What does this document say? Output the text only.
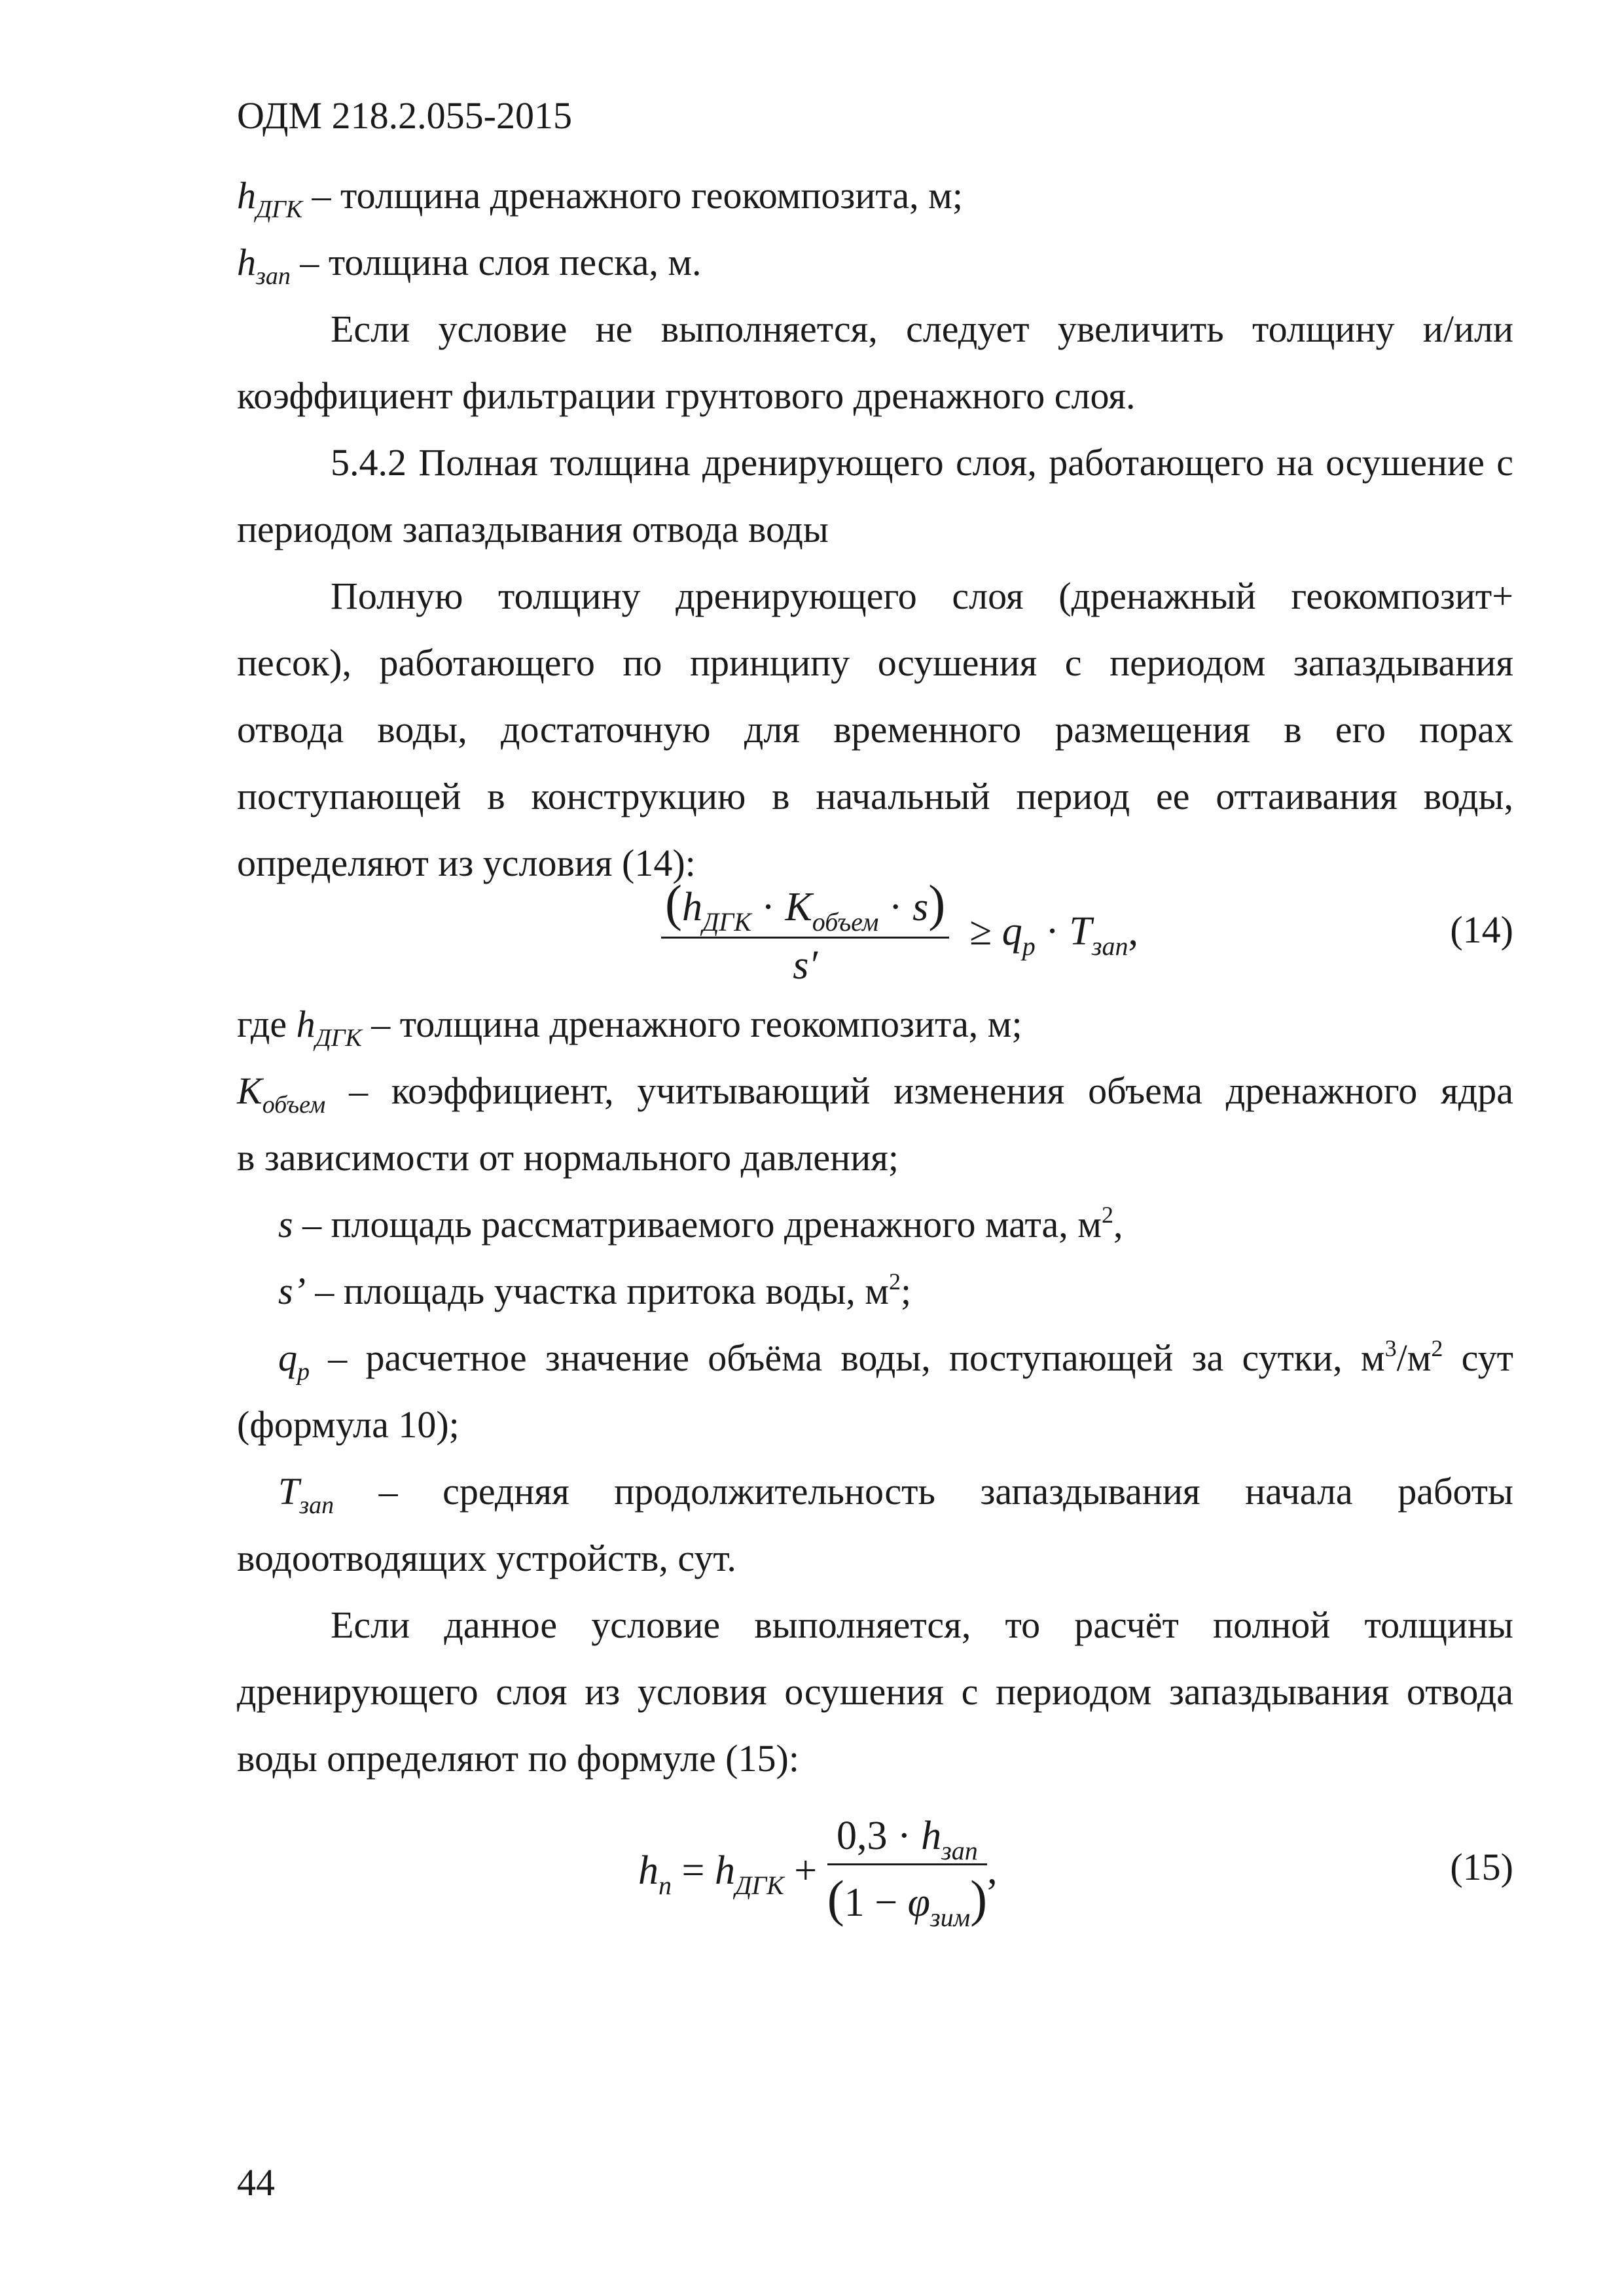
ОДМ 218.2.055-2015
$h_{ДГК}$ – толщина дренажного геокомпозита, м;
$h_{зап}$ – толщина слоя песка, м.
Если условие не выполняется, следует увеличить толщину и/или
коэффициент фильтрации грунтового дренажного слоя.
5.4.2 Полная толщина дренирующего слоя, работающего на осушение с
периодом запаздывания отвода воды
Полную толщину дренирующего слоя (дренажный геокомпозит+
песок), работающего по принципу осушения с периодом запаздывания
отвода воды, достаточную для временного размещения в его порах
поступающей в конструкцию в начальный период ее оттаивания воды,
определяют из условия (14):
$\frac{(h_{ДГК} \cdot K_{объем} \cdot s)}{s'} \ge q_p \cdot T_{зап}$,	(14)
где $h_{ДГК}$ – толщина дренажного геокомпозита, м;
$K_{объем}$ – коэффициент, учитывающий изменения объема дренажного ядра
в зависимости от нормального давления;
s – площадь рассматриваемого дренажного мата, $м^2$,
s’ – площадь участка притока воды, $м^2$;
$q_р$ – расчетное значение объёма воды, поступающей за сутки, $м^3/м^2$ сут
(формула 10);
$T_{зап}$ – средняя продолжительность запаздывания начала работы
водоотводящих устройств, сут.
Если данное условие выполняется, то расчёт полной толщины
дренирующего слоя из условия осушения с периодом запаздывания отвода
воды определяют по формуле (15):
$h_п = h_{ДГК} + \frac{0,3 \cdot h_{зап}}{(1 - \varphi_{зим})}$ ,	(15)
44
